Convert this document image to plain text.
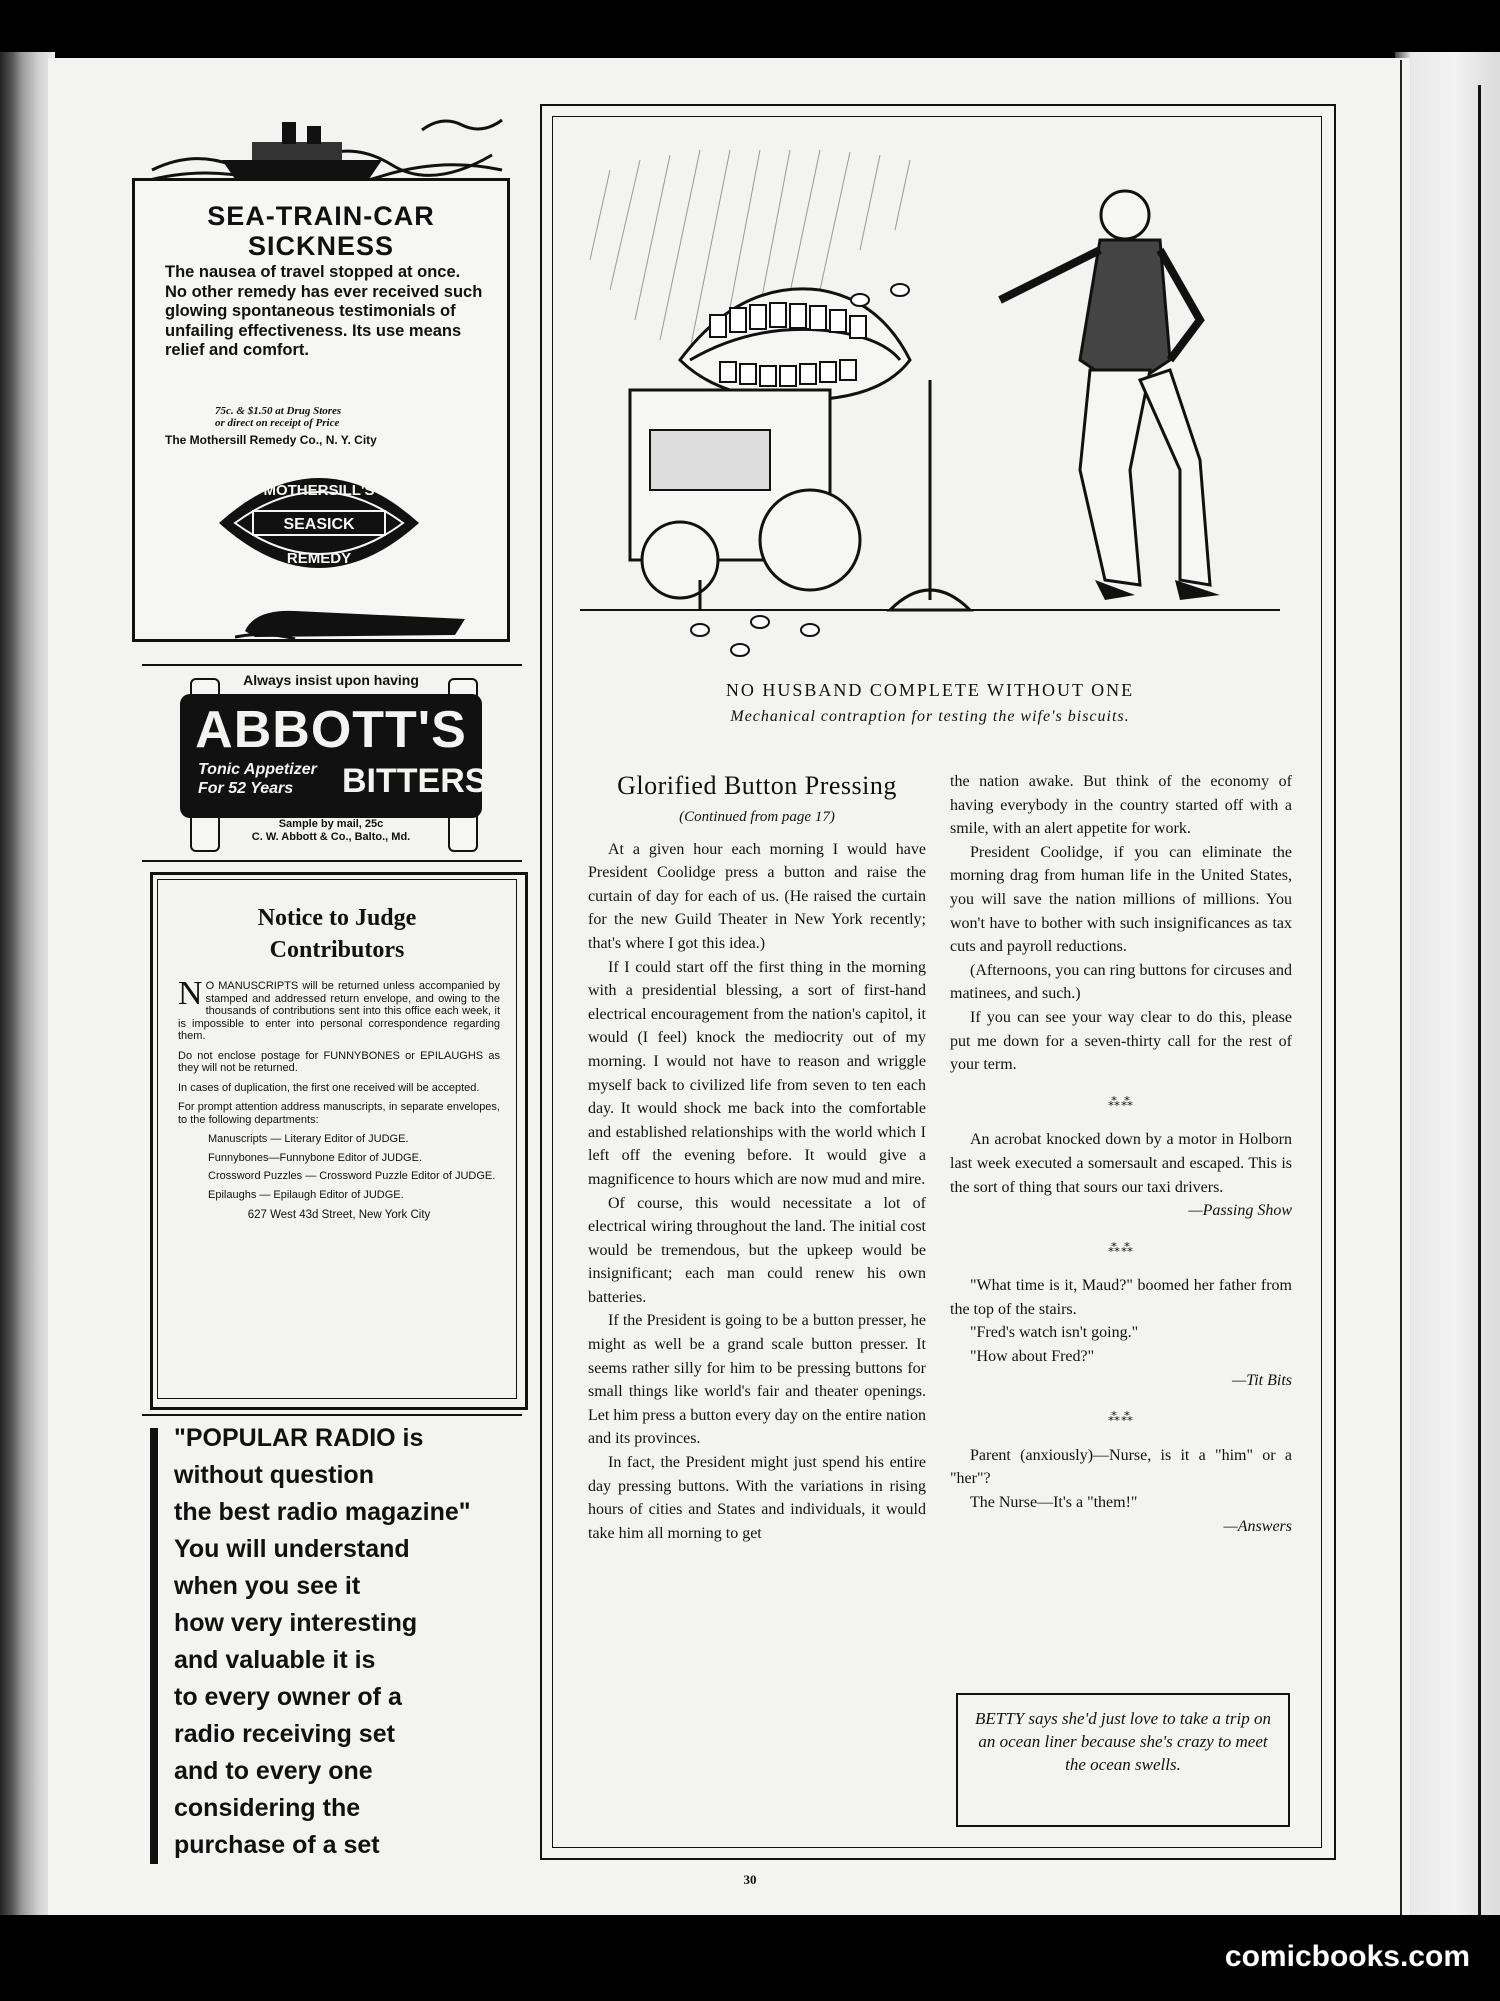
SEA-TRAIN-CAR
SICKNESS
The nausea of travel stopped at once. No other remedy has ever received such glowing spontaneous testimonials of unfailing effectiveness. Its use means relief and comfort.
75c. & $1.50 at Drug Stores
or direct on receipt of Price
The Mothersill Remedy Co., N. Y. City
MOTHERSILL'S
SEASICK
REMEDY
Always insist upon having
ABBOTT'S
Tonic Appetizer
For 52 Years	BITTERS
Sample by mail, 25c
C. W. Abbott & Co., Balto., Md.
Notice to Judge
Contributors

N O MANUSCRIPTS will be returned unless accompanied by stamped and addressed return envelope, and owing to the thousands of contributions sent into this office each week, it is impossible to enter into personal correspondence regarding them.

Do not enclose postage for FUNNYBONES or EPILAUGHS as they will not be returned.

In cases of duplication, the first one received will be accepted.

For prompt attention address manuscripts, in separate envelopes, to the following departments:

Manuscripts — Literary Editor of JUDGE.
Funnybones—Funnybone Editor of JUDGE.
Crossword Puzzles — Crossword Puzzle Editor of JUDGE.
Epilaughs — Epilaugh Editor of JUDGE.
627 West 43d Street, New York City
"POPULAR RADIO is
without question
the best radio magazine"
You will understand
when you see it
how very interesting
and valuable it is
to every owner of a
radio receiving set
and to every one
considering the
purchase of a set
NO HUSBAND COMPLETE WITHOUT ONE
Mechanical contraption for testing the wife's biscuits.

Glorified Button Pressing

(Continued from page 17)

At a given hour each morning I would have President Coolidge press a button and raise the curtain of day for each of us. (He raised the curtain for the new Guild Theater in New York recently; that's where I got this idea.)

If I could start off the first thing in the morning with a presidential blessing, a sort of first-hand electrical encouragement from the nation's capitol, it would (I feel) knock the mediocrity out of my morning. I would not have to reason and wriggle myself back to civilized life from seven to ten each day. It would shock me back into the comfortable and established relationships with the world which I left off the evening before. It would give a magnificence to hours which are now mud and mire.

Of course, this would necessitate a lot of electrical wiring throughout the land. The initial cost would be tremendous, but the upkeep would be insignificant; each man could renew his own batteries.

If the President is going to be a button presser, he might as well be a grand scale button presser. It seems rather silly for him to be pressing buttons for small things like world's fair and theater openings. Let him press a button every day on the entire nation and its provinces.

In fact, the President might just spend his entire day pressing buttons. With the variations in rising hours of cities and States and individuals, it would take him all morning to get

the nation awake. But think of the economy of having everybody in the country started off with a smile, with an alert appetite for work.

President Coolidge, if you can eliminate the morning drag from human life in the United States, you will save the nation millions of millions. You won't have to bother with such insignificances as tax cuts and payroll reductions.

(Afternoons, you can ring buttons for circuses and matinees, and such.)

If you can see your way clear to do this, please put me down for a seven-thirty call for the rest of your term.

⁂⁂

An acrobat knocked down by a motor in Holborn last week executed a somersault and escaped. This is the sort of thing that sours our taxi drivers.

—Passing Show

⁂⁂

"What time is it, Maud?" boomed her father from the top of the stairs.

"Fred's watch isn't going."

"How about Fred?"

—Tit Bits

⁂⁂

Parent (anxiously)—Nurse, is it a "him" or a "her"?

The Nurse—It's a "them!"

—Answers

BETTY says she'd just love to take a trip on an ocean liner because she's crazy to meet the ocean swells.
30
comicbooks.com
